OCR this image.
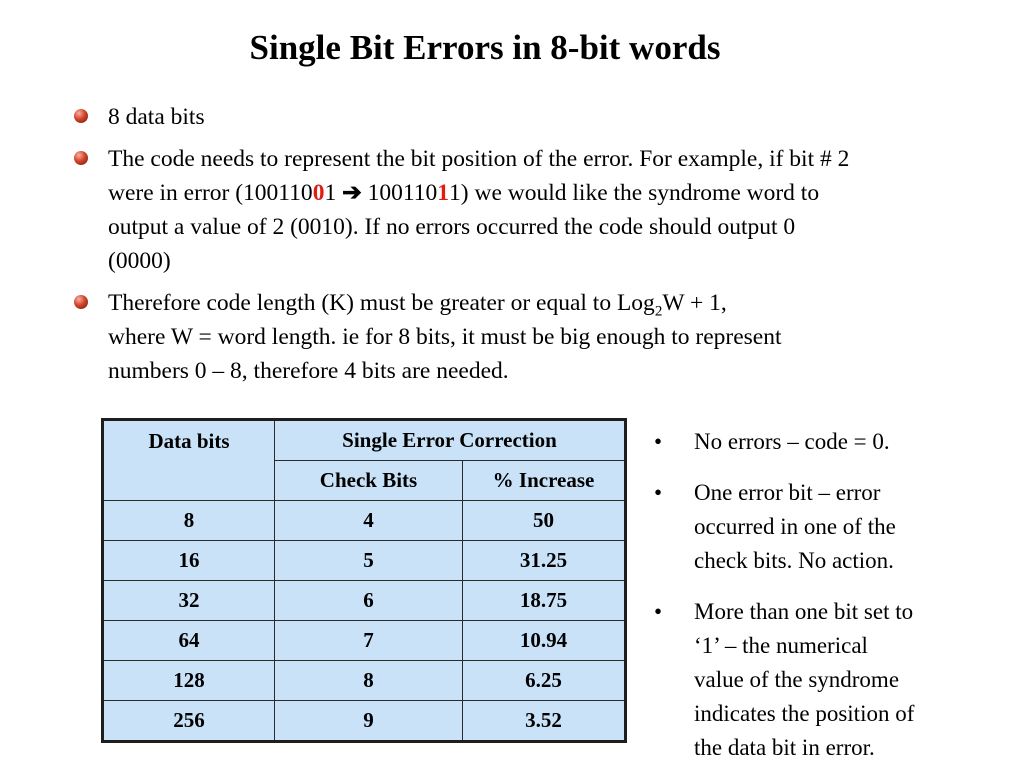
Single Bit Errors in 8-bit words
8 data bits
The code needs to represent the bit position of the error. For example, if bit # 2
were in error (10011001 ➔ 10011011) we would like the syndrome word to
output a value of 2 (0010). If no errors occurred the code should output 0
(0000)
Therefore code length (K) must be greater or equal to Log$_2$W + 1,
where W = word length. ie for 8 bits, it must be big enough to represent
numbers 0 – 8, therefore 4 bits are needed.
Data bits	Single Error Correction	
	Check Bits	% Increase
8	4	50
16	5	31.25
32	6	18.75
64	7	10.94
128	8	6.25
256	9	3.52
• No errors – code = 0.
• One error bit – error
occurred in one of the
check bits. No action.
• More than one bit set to
‘1’ – the numerical
value of the syndrome
indicates the position of
the data bit in error.
